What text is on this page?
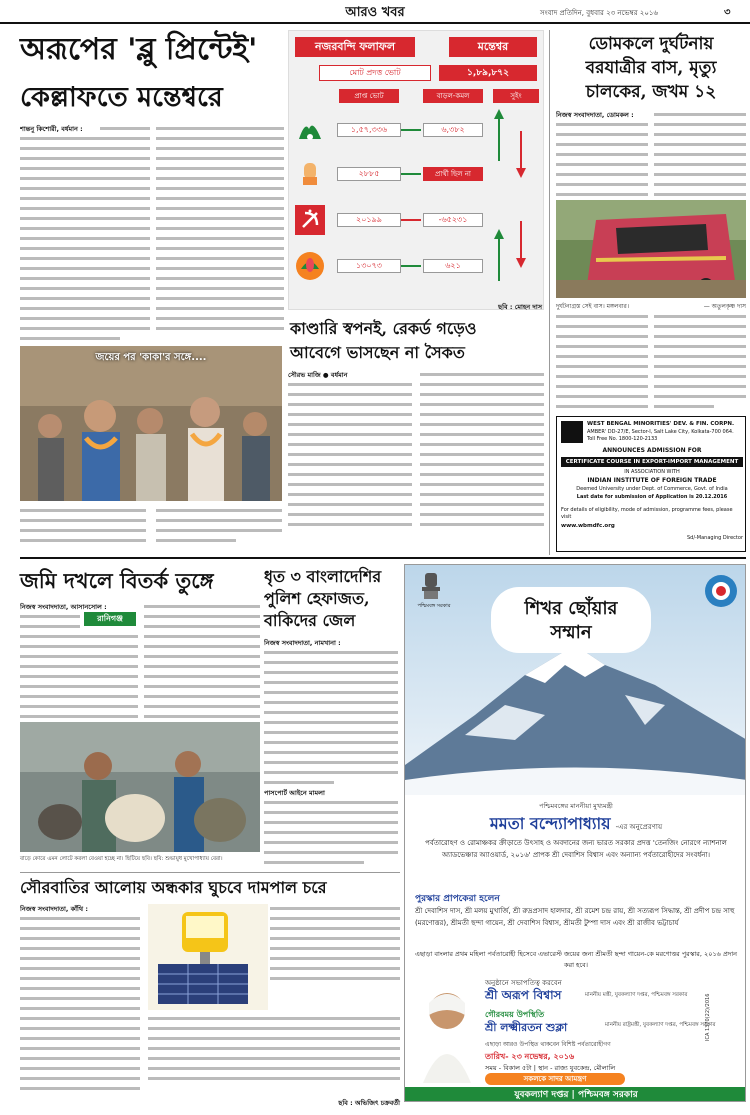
আরও খবর	সংবাদ প্রতিদিন, বুধবার ২৩ নভেম্বর ২০১৬	৩
অরূপের 'ব্লু প্রিন্টেই'
কেল্লাফতে মন্তেশ্বরে
নজরবন্দি ফলাফল	মন্তেশ্বর
মোট প্রদত্ত ভোট	১,৮৯,৮৭২
প্রাপ্ত ভোট	বাড়ল-কমল	সুইং
১,৫৭,৩৩৬	৬,৩৮২
২৮৮৫	প্রার্থী ছিল না
২০১৯৯	-৬৫২৩১
১৩০৭৩	৬২১
শান্তনু কিশোরী, বর্ধমান :
ছবি : মোহন দাস
কাণ্ডারি স্বপনই, রেকর্ড গড়েও
আবেগে ভাসছেন না সৈকত
জয়ের পর 'কাকা'র সঙ্গে....
সৌরভ মাজি ● বর্ধমান
ডোমকলে দুর্ঘটনায়
বরযাত্রীর বাস, মৃত্যু
চালকের, জখম ১২
নিজস্ব সংবাদদাতা, ডোমকল :
দুর্ঘটনাগ্রস্ত সেই বাস। মঙ্গলবার।	— অতুলকৃষ্ণ দাস
WEST BENGAL MINORITIES' DEV. & FIN. CORPN.
AMBER' DD-27/E, Sector-I, Salt Lake City, Kolkata-700 064.
Toll Free No. 1800-120-2133
ANNOUNCES ADMISSION FOR
CERTIFICATE COURSE IN EXPORT-IMPORT MANAGEMENT
IN ASSOCIATION WITH
INDIAN INSTITUTE OF FOREIGN TRADE
Deemed University under Dept. of Commerce, Govt. of India
Last date for submission of Application is 20.12.2016
For details of eligibility, mode of admission, programme fees, please visit
www.wbmdfc.org
Sd/-Managing Director
জমি দখলে বিতর্ক তুঙ্গে
নিজস্ব সংবাদদাতা, আসানসোল :
রানিগঞ্জ
বাড়ে কোরে এমন লোটে করলা বেওয়া হচ্ছে না। ছিটিয়ে ছবি। ছবি: শুভায়ুধ মুখোপাধ্যায় বেরা।
ধৃত ৩ বাংলাদেশির
পুলিশ হেফাজত,
বাকিদের জেল
নিজস্ব সংবাদদাতা, নামখানা :
পাসপোর্ট আইনে মামলা
পশ্চিমবঙ্গ সরকার	শিখর ছোঁয়ার সম্মান
পশ্চিমবঙ্গের মাননীয়া মুখ্যমন্ত্রী
মমতা বন্দ্যোপাধ্যায় -এর অনুপ্রেরণায়
পর্বতারোহণ ও রোমাঞ্চকর ক্রীড়াতে উৎসাহ ও অবদানের জন্য ভারত সরকার প্রদত্ত 'তেনজিং নোরগে ন্যাশনাল অ্যাডভেঞ্চার অ্যাওয়ার্ড, ২০১৬' প্রাপক শ্রী দেবাশিস বিশ্বাস এবং অন্যান্য পর্বতারোহীদের সংবর্ধনা।
পুরস্কার প্রাপকেরা হলেন
শ্রী দেবাশিস দাস, শ্রী মলয় মুখার্জি, শ্রী রুদ্রপ্রসাদ হালদার, শ্রী রমেশ চন্দ্র রায়, শ্রী সত্যরূপ সিদ্ধান্ত, শ্রী প্রদীপ চন্দ্র সাহু (মরণোত্তর), শ্রীমতী ছন্দা গায়েন, শ্রী দেবাশিস বিশ্বাস, শ্রীমতী টুম্পা দাস এবং শ্রী রাজীব ভট্টাচার্য
এছাড়া বাংলার প্রথম মহিলা পর্বতারোহী হিসেবে এভারেস্ট জয়ের জন্য শ্রীমতী ছন্দা গায়েন-কে মরণোত্তর পুরস্কার, ২০১৬ প্রদান করা হবে।
অনুষ্ঠানে সভাপতিত্ব করবেন
শ্রী অরূপ বিশ্বাস	মাননীয় মন্ত্রী, যুবকল্যাণ দপ্তর, পশ্চিমবঙ্গ সরকার
গৌরবময় উপস্থিতি
শ্রী লক্ষ্মীরতন শুক্লা	মাননীয় রাষ্ট্রমন্ত্রী, যুবকল্যাণ দপ্তর, পশ্চিমবঙ্গ সরকার
এছাড়া আরও উপস্থিত থাকবেন বিশিষ্ট পর্বতারোহীগণ
তারিখ- ২৩ নভেম্বর, ২০১৬
সময় - বিকাল ৫টা | স্থান - রাজ্য যুবকেন্দ্র, মৌলালি
সকলকে সাদর আমন্ত্রণ
যুবকল্যাণ দপ্তর | পশ্চিমবঙ্গ সরকার
ICA 1370(22)/2016
সৌরবাতির আলোয় অন্ধকার ঘুচবে দামপাল চরে
নিজস্ব সংবাদদাতা, কাঁথি :
ছবি : অভিজিৎ চক্রবর্তী
